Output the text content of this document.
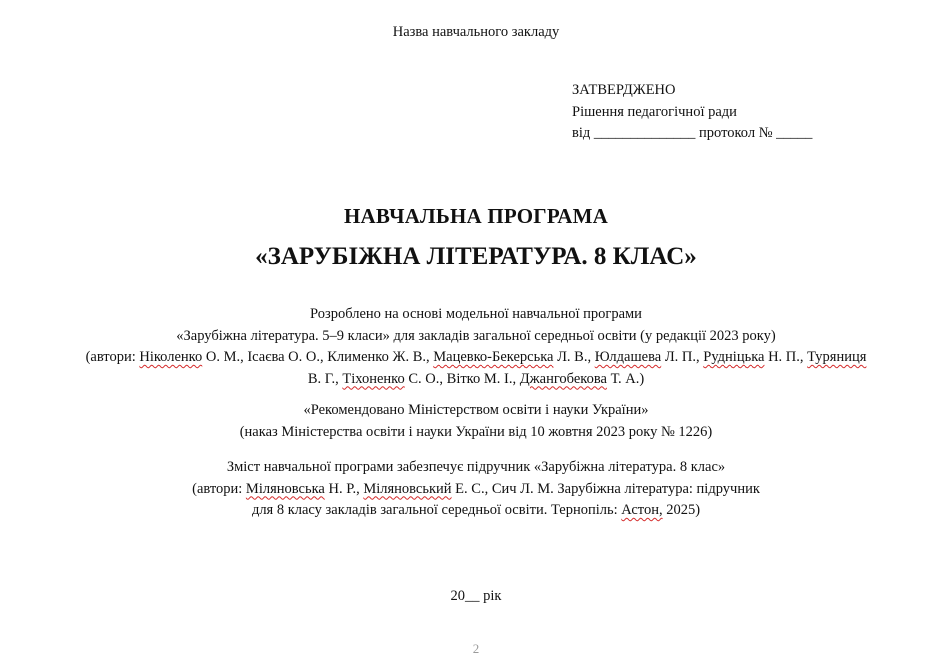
Назва навчального закладу
ЗАТВЕРДЖЕНО
Рішення педагогічної ради
від ______________ протокол № _____
НАВЧАЛЬНА ПРОГРАМА
«ЗАРУБІЖНА ЛІТЕРАТУРА. 8 КЛАС»
Розроблено на основі модельної навчальної програми
«Зарубіжна література. 5–9 класи» для закладів загальної середньої освіти (у редакції 2023 року)
(автори: Ніколенко О. М., Ісаєва О. О., Клименко Ж. В., Мацевко-Бекерська Л. В., Юлдашева Л. П., Рудніцька Н. П., Туряниця
В. Г., Тіхоненко С. О., Вітко М. І., Джангобекова Т. А.)
«Рекомендовано Міністерством освіти і науки України»
(наказ Міністерства освіти і науки України від 10 жовтня 2023 року № 1226)
Зміст навчальної програми забезпечує підручник «Зарубіжна література. 8 клас»
(автори: Міляновська Н. Р., Міляновський Е. С., Сич Л. М. Зарубіжна література: підручник
для 8 класу закладів загальної середньої освіти. Тернопіль: Астон, 2025)
20__ рік
2
